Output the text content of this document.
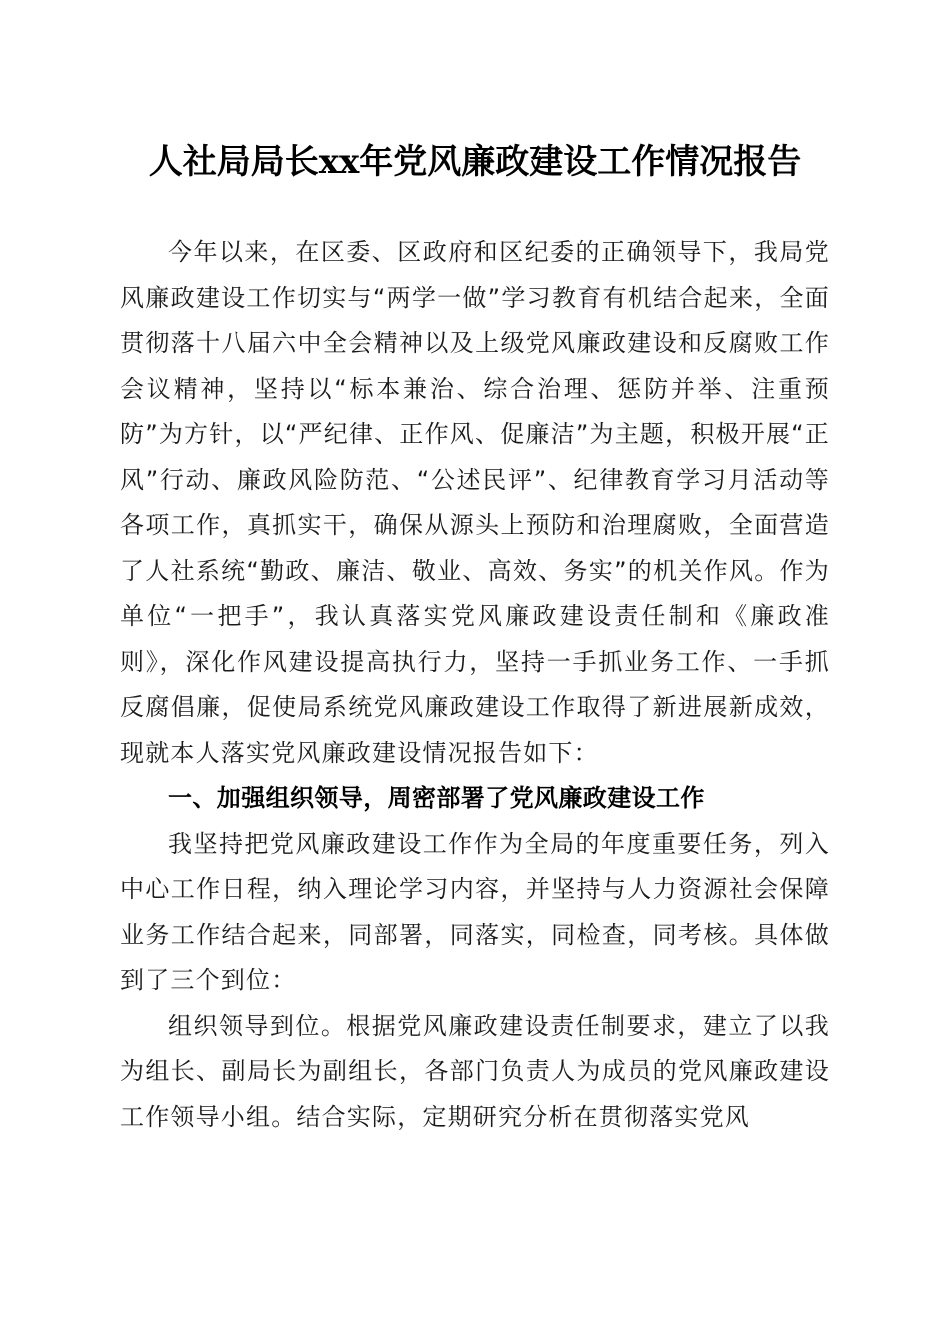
人社局局长xx年党风廉政建设工作情况报告

今年以来，在区委、区政府和区纪委的正确领导下，我局党风廉政建设工作切实与“两学一做”学习教育有机结合起来，全面贯彻落十八届六中全会精神以及上级党风廉政建设和反腐败工作会议精神，坚持以“标本兼治、综合治理、惩防并举、注重预防”为方针，以“严纪律、正作风、促廉洁”为主题，积极开展“正风”行动、廉政风险防范、“公述民评”、纪律教育学习月活动等各项工作，真抓实干，确保从源头上预防和治理腐败，全面营造了人社系统“勤政、廉洁、敬业、高效、务实”的机关作风。作为单位“一把手”，我认真落实党风廉政建设责任制和《廉政准则》，深化作风建设提高执行力，坚持一手抓业务工作、一手抓反腐倡廉，促使局系统党风廉政建设工作取得了新进展新成效，现就本人落实党风廉政建设情况报告如下：

一、加强组织领导，周密部署了党风廉政建设工作

我坚持把党风廉政建设工作作为全局的年度重要任务，列入中心工作日程，纳入理论学习内容，并坚持与人力资源社会保障业务工作结合起来，同部署，同落实，同检查，同考核。具体做到了三个到位：

组织领导到位。根据党风廉政建设责任制要求，建立了以我为组长、副局长为副组长，各部门负责人为成员的党风廉政建设工作领导小组。结合实际，定期研究分析在贯彻落实党风
